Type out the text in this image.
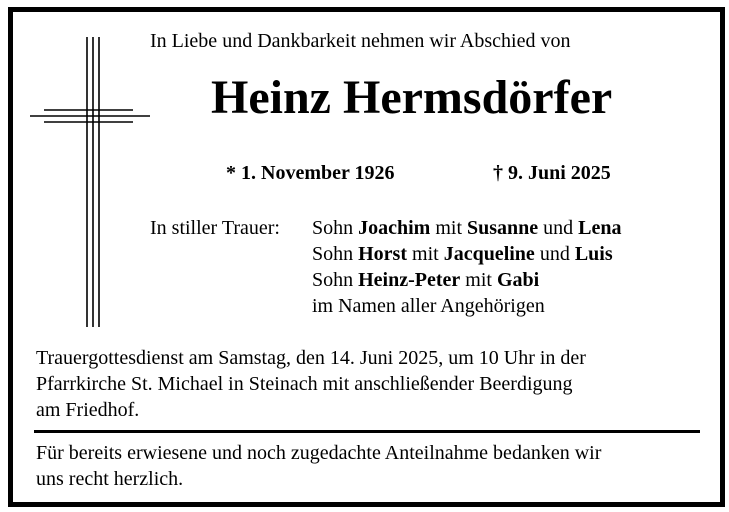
In Liebe und Dankbarkeit nehmen wir Abschied von
Heinz Hermsdörfer
* 1. November 1926	† 9. Juni 2025
In stiller Trauer: Sohn Joachim mit Susanne und Lena
Sohn Horst mit Jacqueline und Luis
Sohn Heinz-Peter mit Gabi
im Namen aller Angehörigen
Trauergottesdienst am Samstag, den 14. Juni 2025, um 10 Uhr in der
Pfarrkirche St. Michael in Steinach mit anschließender Beerdigung
am Friedhof.
Für bereits erwiesene und noch zugedachte Anteilnahme bedanken wir
uns recht herzlich.
